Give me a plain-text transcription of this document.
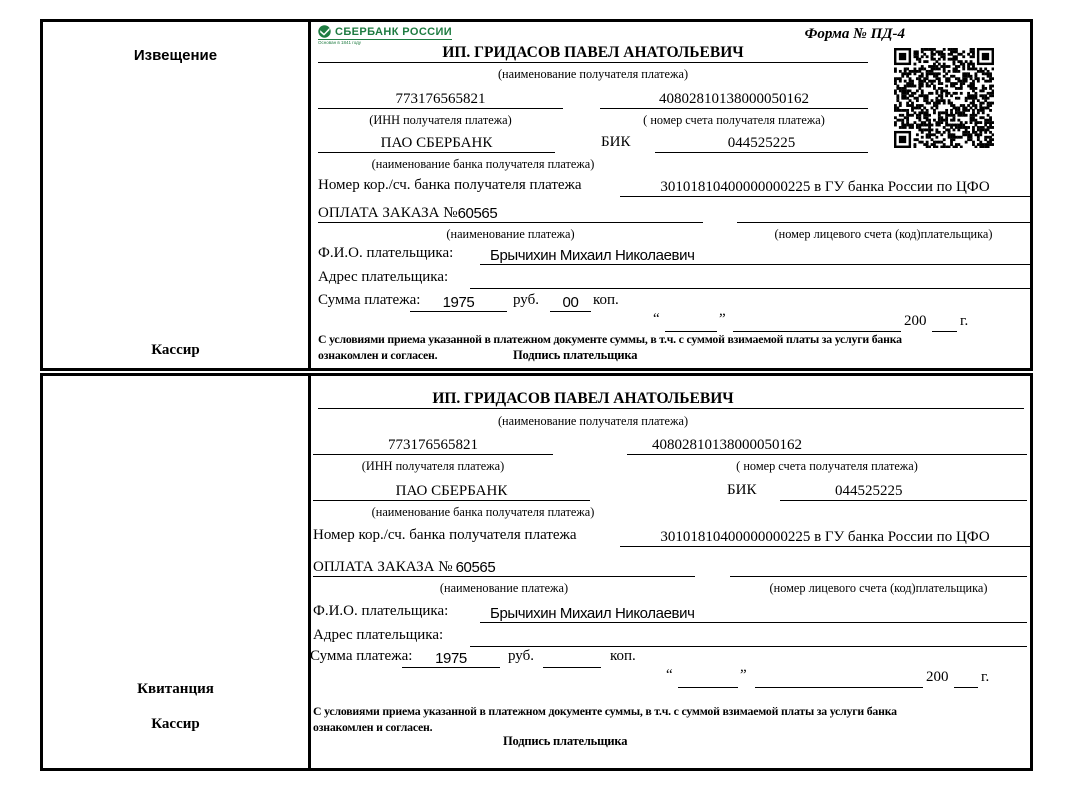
Извещение
Кассир
СБЕРБАНК РОССИИ
Основан в 1841 году
Форма № ПД-4
ИП. ГРИДАСОВ ПАВЕЛ АНАТОЛЬЕВИЧ
(наименование получателя платежа)
773176565821	40802810138000050162
(ИНН получателя платежа)	( номер счета получателя платежа)
ПАО СБЕРБАНК	БИК	044525225
(наименование банка получателя платежа)
Номер кор./сч. банка получателя платежа	30101810400000000225 в ГУ банка России по ЦФО
ОПЛАТА ЗАКАЗА № 60565
(наименование платежа)	(номер лицевого счета (код)плательщика)
Ф.И.О. плательщика: Брычихин Михаил Николаевич
Адрес плательщика:
Сумма платежа: 1975	руб. 00 коп.
“	”	200 г.
С условиями приема указанной в платежном документе суммы, в т.ч. с суммой взимаемой платы за услуги банка
ознакомлен и согласен.	Подпись плательщика
Квитанция
Кассир
ИП. ГРИДАСОВ ПАВЕЛ АНАТОЛЬЕВИЧ
(наименование получателя платежа)
773176565821	40802810138000050162
(ИНН получателя платежа)	( номер счета получателя платежа)
ПАО СБЕРБАНК	БИК	044525225
(наименование банка получателя платежа)
Номер кор./сч. банка получателя платежа	30101810400000000225 в ГУ банка России по ЦФО
ОПЛАТА ЗАКАЗА № 60565
(наименование платежа)	(номер лицевого счета (код)плательщика)
Ф.И.О. плательщика:	Брычихин Михаил Николаевич
Адрес плательщика:
Сумма платежа: 1975	руб.	коп.
“	”	200 г.
С условиями приема указанной в платежном документе суммы, в т.ч. с суммой взимаемой платы за услуги банка
ознакомлен и согласен.
Подпись плательщика
